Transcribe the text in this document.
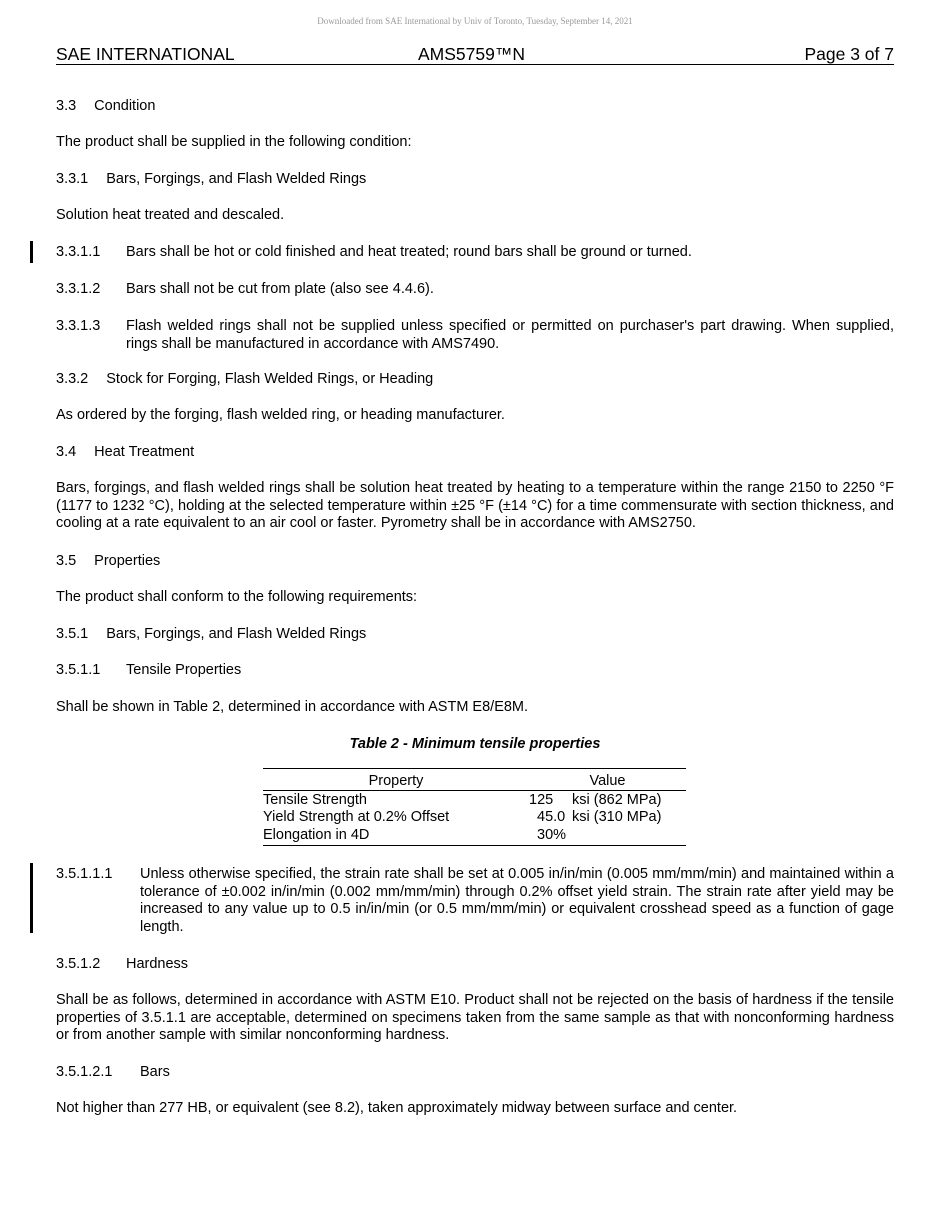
Downloaded from SAE International by Univ of Toronto, Tuesday, September 14, 2021
SAE INTERNATIONAL	AMS5759™N	Page 3 of 7
3.3 Condition
The product shall be supplied in the following condition:
3.3.1 Bars, Forgings, and Flash Welded Rings
Solution heat treated and descaled.
3.3.1.1 Bars shall be hot or cold finished and heat treated; round bars shall be ground or turned.
3.3.1.2 Bars shall not be cut from plate (also see 4.4.6).
3.3.1.3 Flash welded rings shall not be supplied unless specified or permitted on purchaser's part drawing. When supplied, rings shall be manufactured in accordance with AMS7490.
3.3.2 Stock for Forging, Flash Welded Rings, or Heading
As ordered by the forging, flash welded ring, or heading manufacturer.
3.4 Heat Treatment
Bars, forgings, and flash welded rings shall be solution heat treated by heating to a temperature within the range 2150 to 2250 °F (1177 to 1232 °C), holding at the selected temperature within ±25 °F (±14 °C) for a time commensurate with section thickness, and cooling at a rate equivalent to an air cool or faster. Pyrometry shall be in accordance with AMS2750.
3.5 Properties
The product shall conform to the following requirements:
3.5.1 Bars, Forgings, and Flash Welded Rings
3.5.1.1 Tensile Properties
Shall be shown in Table 2, determined in accordance with ASTM E8/E8M.
Table 2 - Minimum tensile properties
Property	Value
Tensile Strength	125 ksi (862 MPa)
Yield Strength at 0.2% Offset	45.0 ksi (310 MPa)
Elongation in 4D	30%
3.5.1.1.1 Unless otherwise specified, the strain rate shall be set at 0.005 in/in/min (0.005 mm/mm/min) and maintained within a tolerance of ±0.002 in/in/min (0.002 mm/mm/min) through 0.2% offset yield strain. The strain rate after yield may be increased to any value up to 0.5 in/in/min (or 0.5 mm/mm/min) or equivalent crosshead speed as a function of gage length.
3.5.1.2 Hardness
Shall be as follows, determined in accordance with ASTM E10. Product shall not be rejected on the basis of hardness if the tensile properties of 3.5.1.1 are acceptable, determined on specimens taken from the same sample as that with nonconforming hardness or from another sample with similar nonconforming hardness.
3.5.1.2.1 Bars
Not higher than 277 HB, or equivalent (see 8.2), taken approximately midway between surface and center.
